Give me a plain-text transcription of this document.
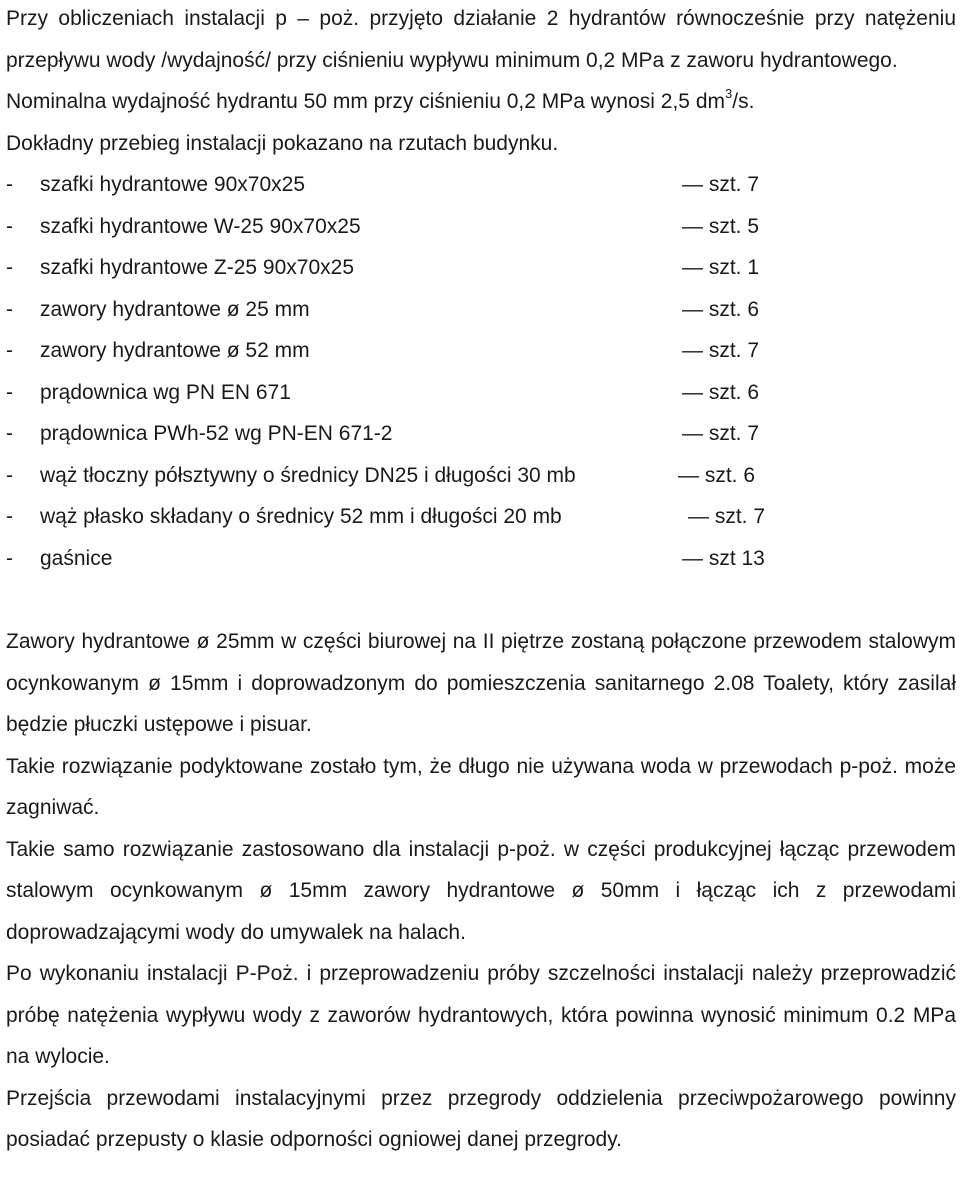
Przy obliczeniach instalacji p – poż. przyjęto działanie 2 hydrantów równocześnie przy natężeniu przepływu wody /wydajność/ przy ciśnieniu wypływu minimum 0,2 MPa z zaworu hydrantowego.

Nominalna wydajność hydrantu 50 mm przy ciśnieniu 0,2 MPa wynosi 2,5 $dm^3/s$.

Dokładny przebieg instalacji pokazano na rzutach budynku.

- szafki hydrantowe 90x70x25	— szt. 7
- szafki hydrantowe W-25 90x70x25	— szt. 5
- szafki hydrantowe Z-25 90x70x25	— szt. 1
- zawory hydrantowe ø 25 mm	— szt. 6
- zawory hydrantowe ø 52 mm	— szt. 7
- prądownica wg PN EN 671	— szt. 6
- prądownica PWh-52 wg PN-EN 671-2	— szt. 7
- wąż tłoczny półsztywny o średnicy DN25 i długości 30 mb	— szt. 6
- wąż płasko składany o średnicy 52 mm i długości 20 mb	— szt. 7
- gaśnice	— szt 13

Zawory hydrantowe ø 25mm w części biurowej na II piętrze zostaną połączone przewodem stalowym ocynkowanym ø 15mm i doprowadzonym do pomieszczenia sanitarnego 2.08 Toalety, który zasilał będzie płuczki ustępowe i pisuar.

Takie rozwiązanie podyktowane zostało tym, że długo nie używana woda w przewodach p-poż. może zagniwać.

Takie samo rozwiązanie zastosowano dla instalacji p-poż. w części produkcyjnej łącząc przewodem stalowym ocynkowanym ø 15mm zawory hydrantowe ø 50mm i łącząc ich z przewodami doprowadzającymi wody do umywalek na halach.

Po wykonaniu instalacji P-Poż. i przeprowadzeniu próby szczelności instalacji należy przeprowadzić próbę natężenia wypływu wody z zaworów hydrantowych, która powinna wynosić minimum 0.2 MPa na wylocie.

Przejścia przewodami instalacyjnymi przez przegrody oddzielenia przeciwpożarowego powinny posiadać przepusty o klasie odporności ogniowej danej przegrody.
